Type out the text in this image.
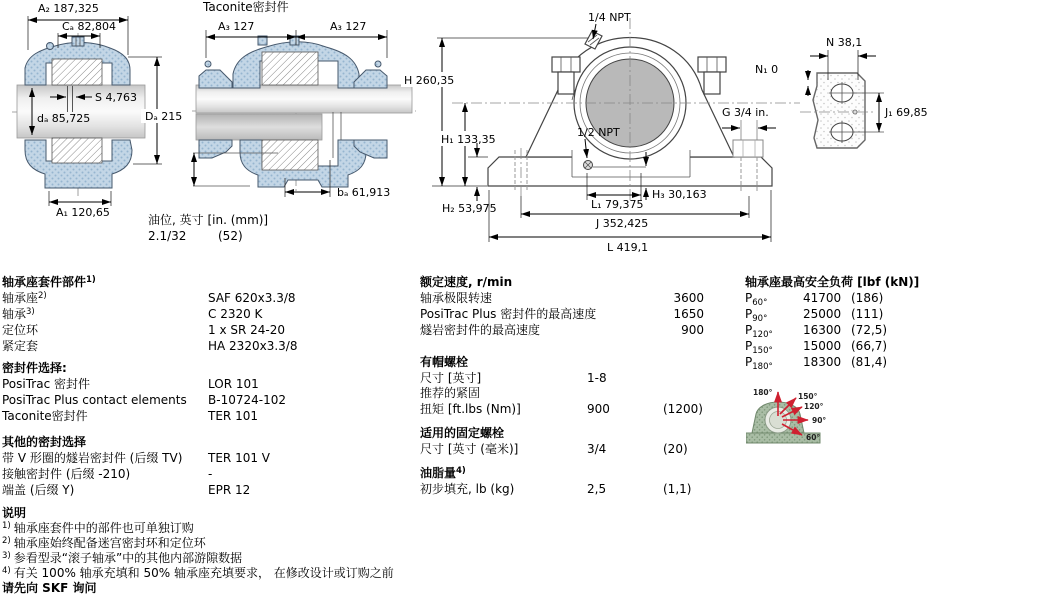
A₂ 187,325
Cₐ 82,804
S 4,763
dₐ 85,725	Dₐ 215
A₁ 120,65
Taconite密封件
A₃ 127	A₃ 127
bₐ 61,913
油位, 英寸 [in. (mm)]
2.1/32	(52)
H 260,35
H₁ 133,35
H₂ 53,975
H₃ 30,163
L₁ 79,375
J 352,425
L 419,1
1/4 NPT
1/2 NPT
G 3/4 in.
N₁ 0
N 38,1
J₁ 69,85
轴承座套件部件$^{1)}$
轴承座$^{2)}$	SAF 620x3.3/8
轴承$^{3)}$	C 2320 K
定位环	1 x SR 24-20
紧定套	HA 2320x3.3/8
密封件选择:
PosiTrac 密封件	LOR 101
PosiTrac Plus contact elements	B-10724-102
Taconite密封件	TER 101
其他的密封选择
带 V 形圈的燧岩密封件 (后缀 TV)	TER 101 V
接触密封件 (后缀 -210)	-
端盖 (后缀 Y)	EPR 12
说明
$^{1)}$ 轴承座套件中的部件也可单独订购
$^{2)}$ 轴承座始终配备迷宫密封环和定位环
$^{3)}$ 参看型录“滚子轴承”中的其他内部游隙数据
$^{4)}$ 有关 100% 轴承充填和 50% 轴承座充填要求， 在修改设计或订购之前
请先向 SKF 询问
额定速度, r/min
轴承极限转速	3600
PosiTrac Plus 密封件的最高速度	1650
燧岩密封件的最高速度	900
有帽螺栓
尺寸 [英寸]	1-8
推荐的紧固
扭矩 [ft.lbs (Nm)]	900	(1200)
适用的固定螺栓
尺寸 [英寸 (毫米)]	3/4	(20)
油脂量$^{4)}$
初步填充, lb (kg)	2,5	(1,1)
轴承座最高安全负荷 [lbf (kN)]
$P_{60^\circ}$	41700 (186)
$P_{90^\circ}$	25000 (111)
$P_{120^\circ}$	16300 (72,5)
$P_{150^\circ}$	15000 (66,7)
$P_{180^\circ}$	18300 (81,4)
180°	150°
120°
90°
60°
